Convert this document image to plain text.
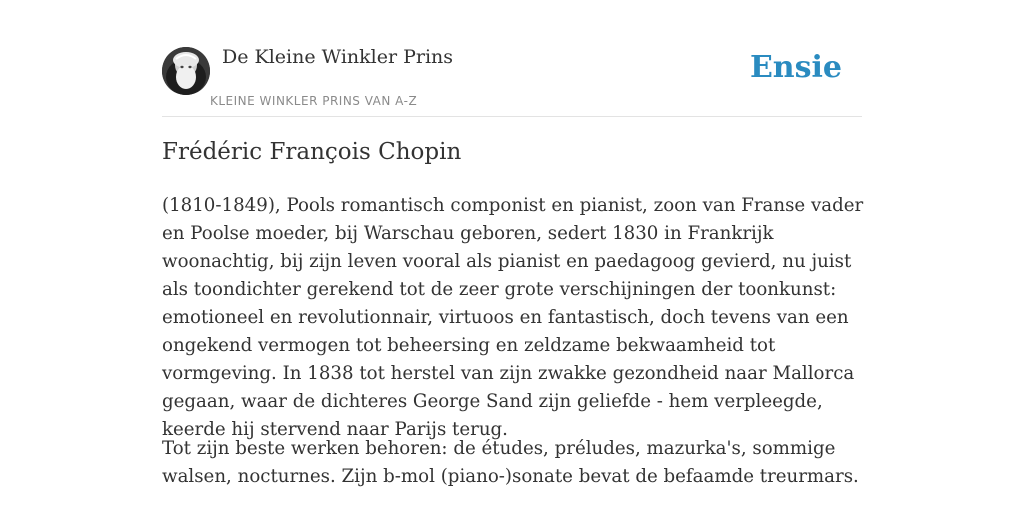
De Kleine Winkler Prins
KLEINE WINKLER PRINS VAN A-Z
Ensie
Frédéric François Chopin

(1810-1849), Pools romantisch componist en pianist, zoon van Franse vader en Poolse moeder, bij Warschau geboren, sedert 1830 in Frankrijk woonachtig, bij zijn leven vooral als pianist en paedagoog gevierd, nu juist als toondichter gerekend tot de zeer grote verschijningen der toonkunst: emotioneel en revolutionnair, virtuoos en fantastisch, doch tevens van een ongekend vermogen tot beheersing en zeldzame bekwaamheid tot vormgeving. In 1838 tot herstel van zijn zwakke gezondheid naar Mallorca gegaan, waar de dichteres George Sand zijn geliefde - hem verpleegde, keerde hij stervend naar Parijs terug.

Tot zijn beste werken behoren: de études, préludes, mazurka's, sommige walsen, nocturnes. Zijn b-mol (piano-)sonate bevat de befaamde treurmars.
